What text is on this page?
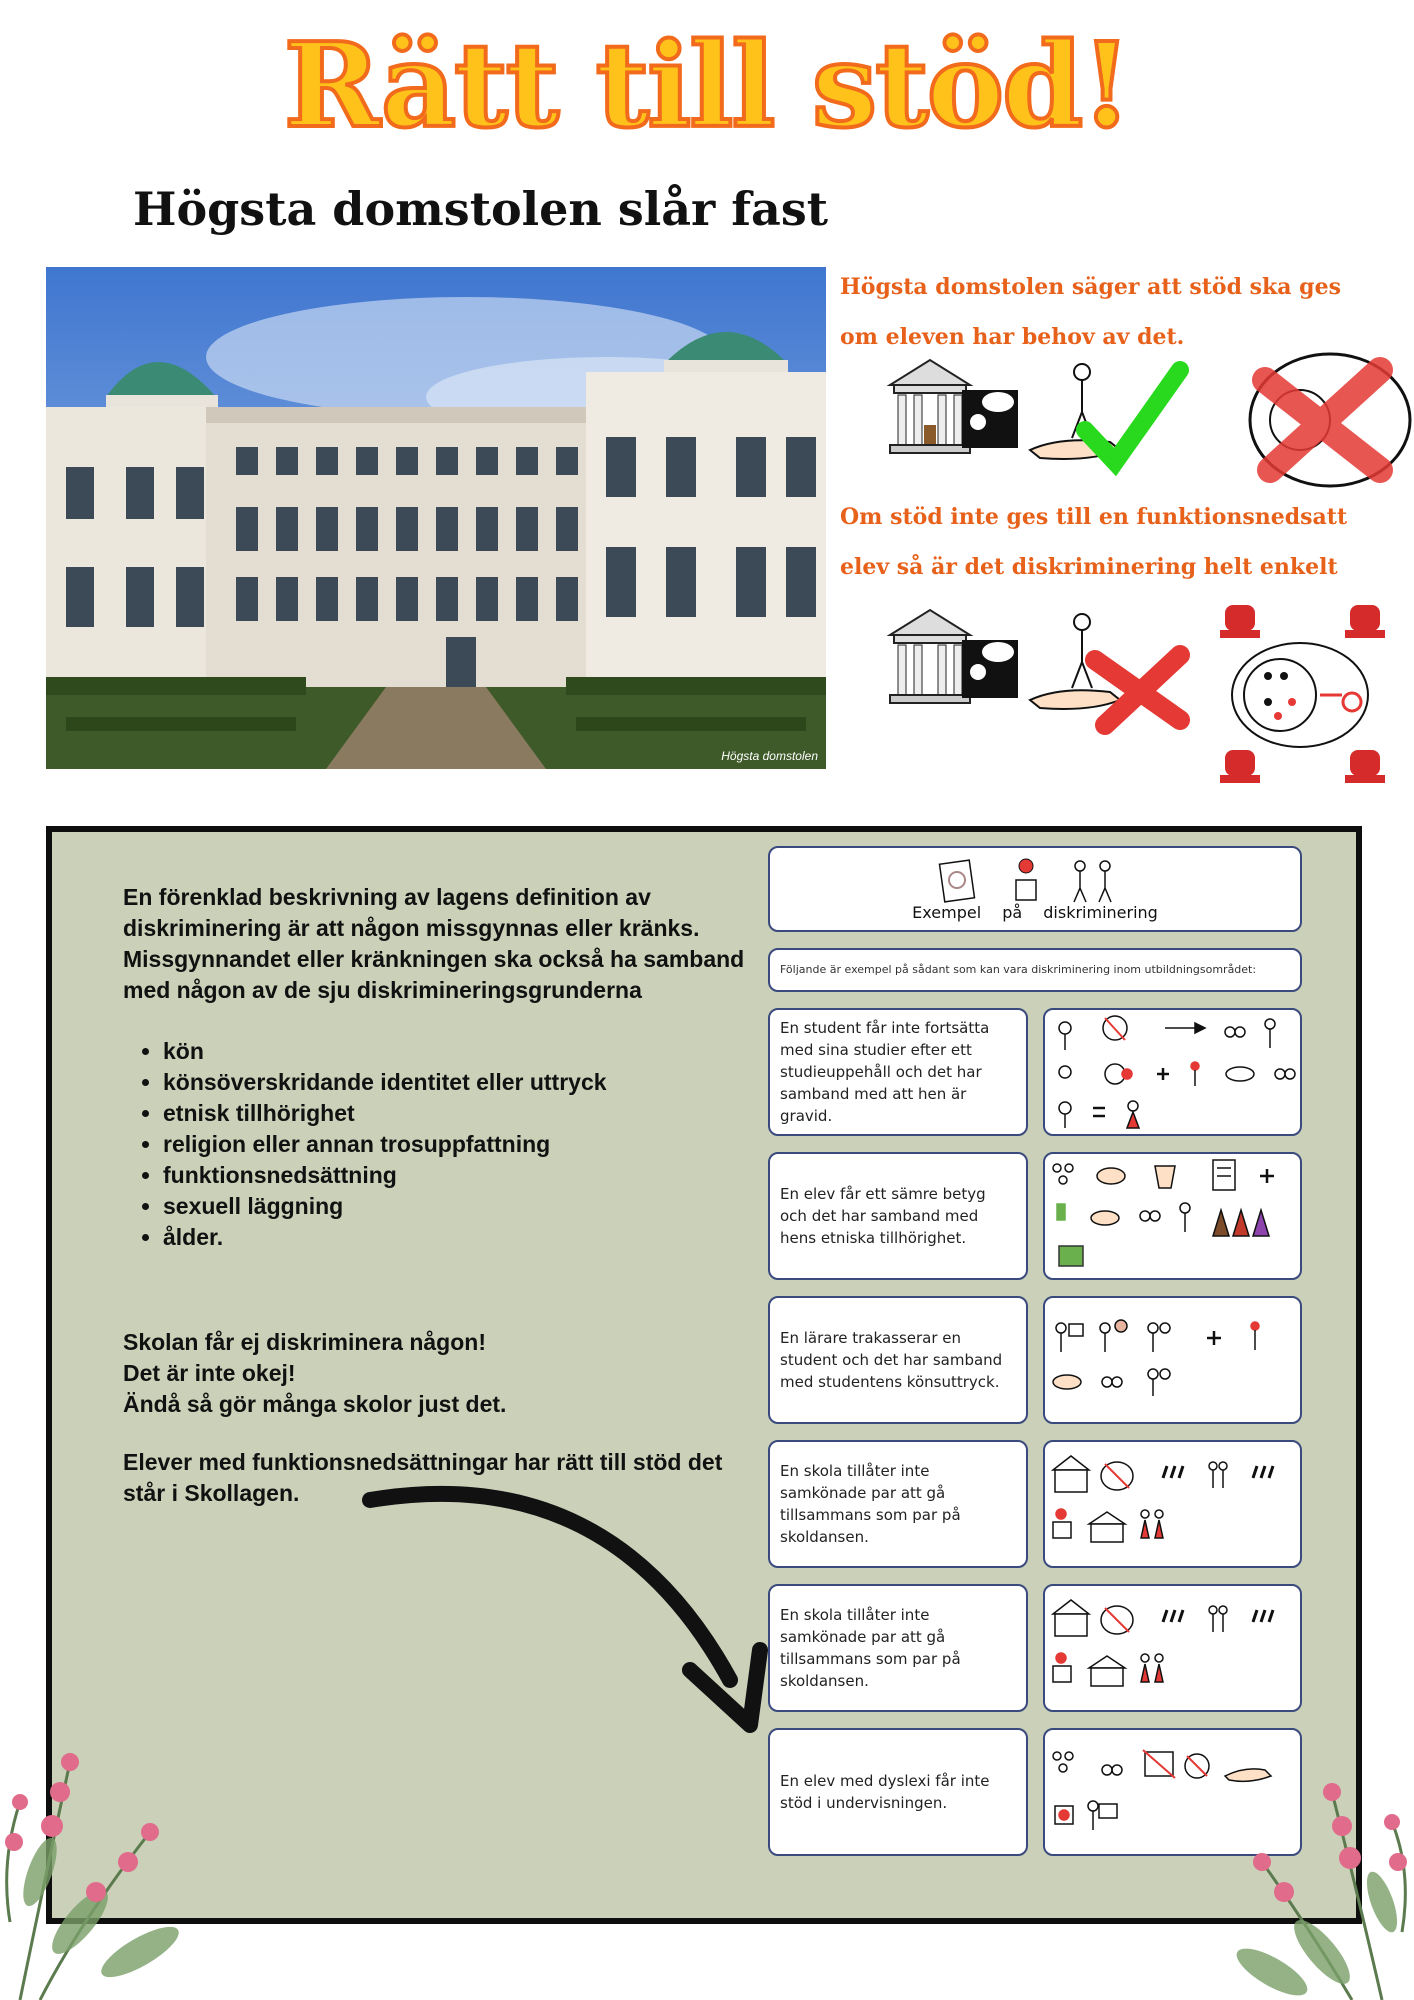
Rätt till stöd!
Högsta domstolen slår fast
Högsta domstolen
Högsta domstolen säger att stöd ska ges
om eleven har behov av det.
Om stöd inte ges till en funktionsnedsatt
elev så är det diskriminering helt enkelt

En förenklad beskrivning av lagens definition av diskriminering är att någon missgynnas eller kränks. Missgynnandet eller kränkningen ska också ha samband med någon av de sju diskrimineringsgrunderna

• kön
• könsöverskridande identitet eller uttryck
• etnisk tillhörighet
• religion eller annan trosuppfattning
• funktionsnedsättning
• sexuell läggning
• ålder.
Skolan får ej diskriminera någon!
Det är inte okej!
Ändå så gör många skolor just det.

Elever med funktionsnedsättningar har rätt till stöd det står i Skollagen.

Exempel på diskriminering
Följande är exempel på sådant som kan vara diskriminering inom utbildningsområdet:
En student får inte fortsätta med sina studier efter ett studieuppehåll och det har samband med att hen är gravid.
En elev får ett sämre betyg och det har samband med hens etniska tillhörighet.
En lärare trakasserar en student och det har samband med studentens könsuttryck.
En skola tillåter inte samkönade par att gå tillsammans som par på skoldansen.
En skola tillåter inte samkönade par att gå tillsammans som par på skoldansen.
En elev med dyslexi får inte stöd i undervisningen.
